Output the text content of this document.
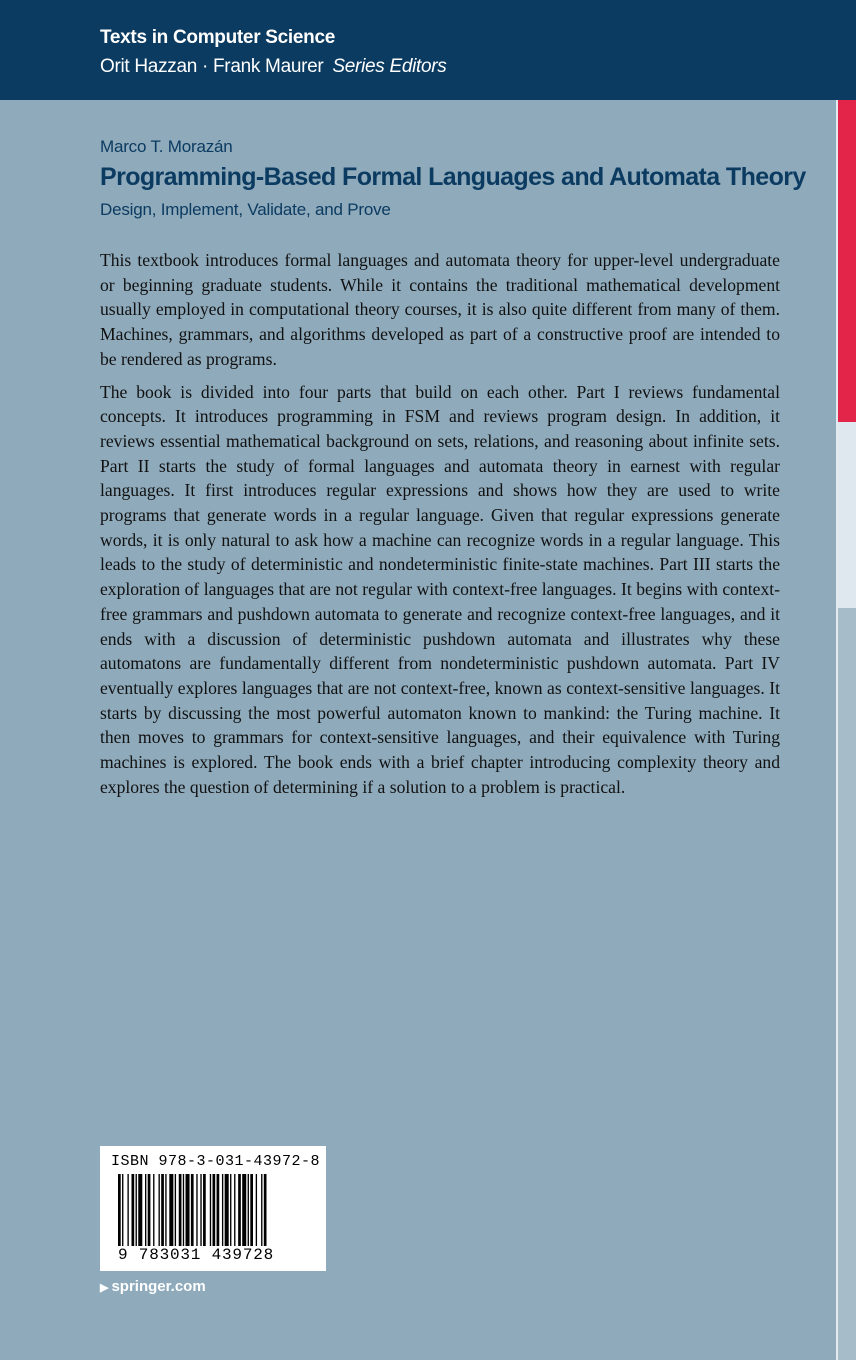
Texts in Computer Science
Orit Hazzan · Frank Maurer Series Editors
Marco T. Morazán
Programming-Based Formal Languages and Automata Theory
Design, Implement, Validate, and Prove

This textbook introduces formal languages and automata theory for upper-level undergraduate or beginning graduate students. While it contains the traditional mathematical development usually employed in computational theory courses, it is also quite different from many of them. Machines, grammars, and algorithms developed as part of a constructive proof are intended to be rendered as programs.

The book is divided into four parts that build on each other. Part I reviews fundamental concepts. It introduces programming in FSM and reviews program design. In addition, it reviews essential mathematical background on sets, relations, and reasoning about infinite sets. Part II starts the study of formal languages and automata theory in earnest with regular languages. It first introduces regular expressions and shows how they are used to write programs that generate words in a regular language. Given that regular expressions generate words, it is only natural to ask how a machine can recognize words in a regular language. This leads to the study of deterministic and nondeterministic finite-state machines. Part III starts the exploration of languages that are not regular with context-free languages. It begins with context-free grammars and pushdown automata to generate and recognize context-free languages, and it ends with a discussion of deterministic pushdown automata and illustrates why these automatons are fundamentally different from nondeterministic pushdown automata. Part IV eventually explores languages that are not context-free, known as context-sensitive languages. It starts by discussing the most powerful automaton known to mankind: the Turing machine. It then moves to grammars for context-sensitive languages, and their equivalence with Turing machines is explored. The book ends with a brief chapter introducing complexity theory and explores the question of determining if a solution to a problem is practical.

ISBN 978-3-031-43972-8
9 783031 439728
▶ springer.com
